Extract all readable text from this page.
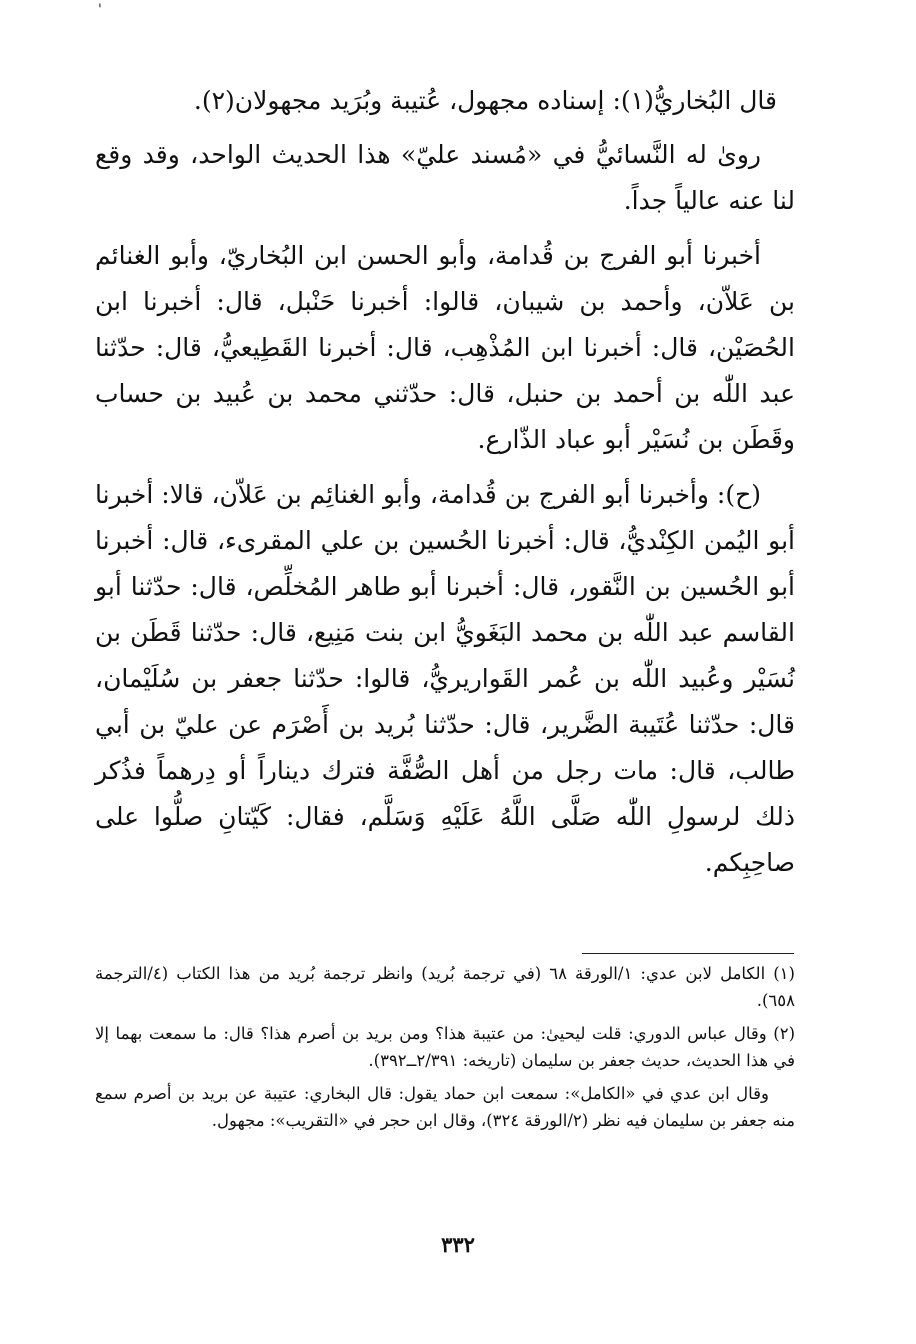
'

قال البُخاريُّ(١): إسناده مجهول، عُتيبة وبُرَيد مجهولان(٢).

روىٰ له النَّسائيُّ في «مُسند عليّ» هذا الحديث الواحد، وقد وقع لنا عنه عالياً جداً.

أخبرنا أبو الفرج بن قُدامة، وأبو الحسن ابن البُخاريّ، وأبو الغنائم بن عَلاّن، وأحمد بن شيبان، قالوا: أخبرنا حَنْبل، قال: أخبرنا ابن الحُصَيْن، قال: أخبرنا ابن المُذْهِب، قال: أخبرنا القَطِيعيُّ، قال: حدّثنا عبد اللّٰه بن أحمد بن حنبل، قال: حدّثني محمد بن عُبيد بن حساب وقَطَن بن نُسَيْر أبو عباد الذّارع.

(ح): وأخبرنا أبو الفرج بن قُدامة، وأبو الغنائِم بن عَلاّن، قالا: أخبرنا أبو اليُمن الكِنْديُّ، قال: أخبرنا الحُسين بن علي المقرىء، قال: أخبرنا أبو الحُسين بن النَّقور، قال: أخبرنا أبو طاهر المُخلِّص، قال: حدّثنا أبو القاسم عبد اللّٰه بن محمد البَغَويُّ ابن بنت مَنِيع، قال: حدّثنا قَطَن بن نُسَيْر وعُبيد اللّٰه بن عُمر القَواريريُّ، قالوا: حدّثنا جعفر بن سُلَيْمان، قال: حدّثنا عُتَيبة الضَّرير، قال: حدّثنا بُريد بن أَصْرَم عن عليّ بن أبي طالب، قال: مات رجل من أهل الصُّفَّة فترك ديناراً أو دِرهماً فذُكر ذلك لرسولِ اللّٰه صَلَّى اللَّهُ عَلَيْهِ وَسَلَّم، فقال: كَيّتانِ صلُّوا على صاحِبِكم.

(١) الكامل لابن عدي: ١/الورقة ٦٨ (في ترجمة بُريد) وانظر ترجمة بُريد من هذا الكتاب (٤/الترجمة ٦٥٨).

(٢) وقال عباس الدوري: قلت ليحيىٰ: من عتيبة هذا؟ ومن بريد بن أصرم هذا؟ قال: ما سمعت بهما إلا في هذا الحديث، حديث جعفر بن سليمان (تاريخه: ٢/٣٩١ــ٣٩٢).

وقال ابن عدي في «الكامل»: سمعت ابن حماد يقول: قال البخاري: عتيبة عن بريد بن أصرم سمع منه جعفر بن سليمان فيه نظر (٢/الورقة ٣٢٤)، وقال ابن حجر في «التقريب»: مجهول.

٣٣٢
